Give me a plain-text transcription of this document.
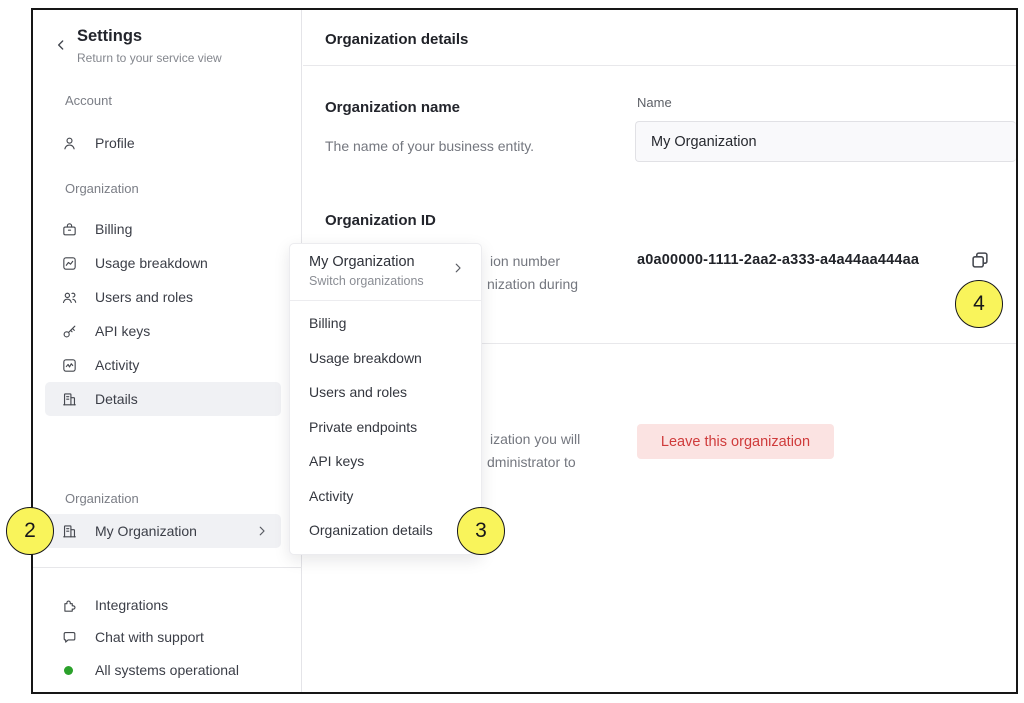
Settings
Return to your service view
Account
Profile
Organization
Billing
Usage breakdown
Users and roles
API keys
Activity
Details
Organization
My Organization
Integrations
Chat with support
All systems operational
Organization details
Organization name
The name of your business entity.
Name
My Organization
Organization ID
ion number
nization during
a0a00000-1111-2aa2-a333-a4a44aa444aa
ization you will
dministrator to
Leave this organization
My Organization
Switch organizations
Billing
Usage breakdown
Users and roles
Private endpoints
API keys
Activity
Organization details
2	3
4
